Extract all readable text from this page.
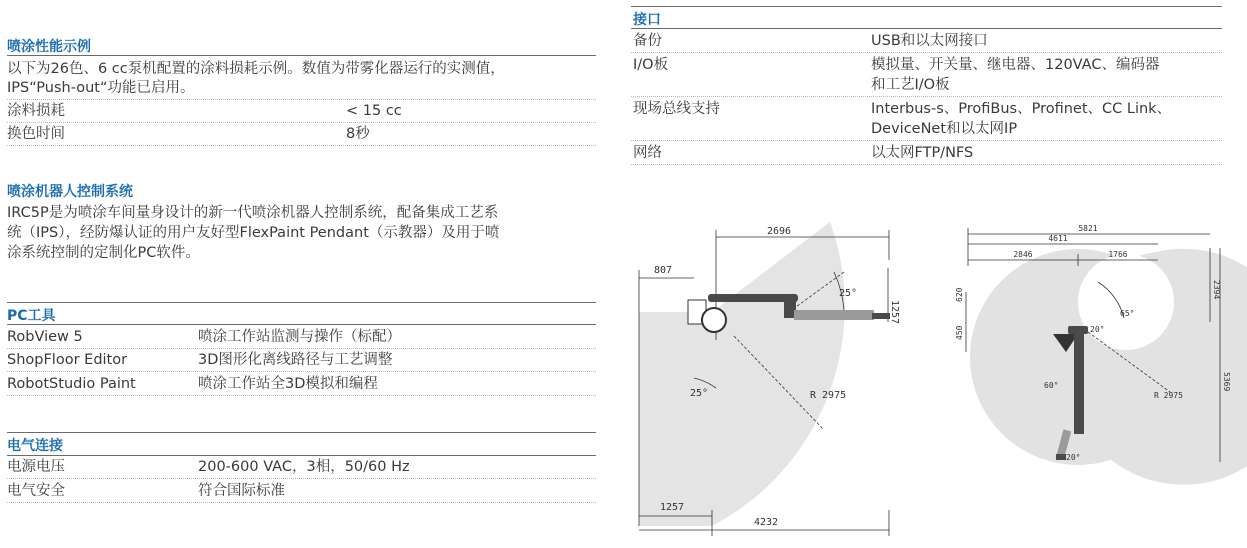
喷涂性能示例
以下为26色、6 cc泵机配置的涂料损耗示例。数值为带雾化器运行的实测值，
IPS“Push-out“功能已启用。
涂料损耗	< 15 cc
换色时间	8秒
喷涂机器人控制系统
IRC5P是为喷涂车间量身设计的新一代喷涂机器人控制系统，配备集成工艺系
统（IPS），经防爆认证的用户友好型FlexPaint Pendant（示教器）及用于喷
涂系统控制的定制化PC软件。
PC工具
RobView 5	喷涂工作站监测与操作（标配）
ShopFloor Editor	3D图形化离线路径与工艺调整
RobotStudio Paint	喷涂工作站全3D模拟和编程
电气连接
电源电压	200-600 VAC，3相，50/60 Hz
电气安全	符合国际标准
接口
备份	USB和以太网接口
I/O板	模拟量、开关量、继电器、120VAC、编码器
和工艺I/O板
现场总线支持	Interbus-s、ProfiBus、Profinet、CC Link、
DeviceNet和以太网IP
网络	以太网FTP/NFS
2696
807
1257
25°
25°	R 2975
1257
4232
5821
4611
2846	1766
2394
65°
20°
60°
R 2975
5369
20°
620
450
